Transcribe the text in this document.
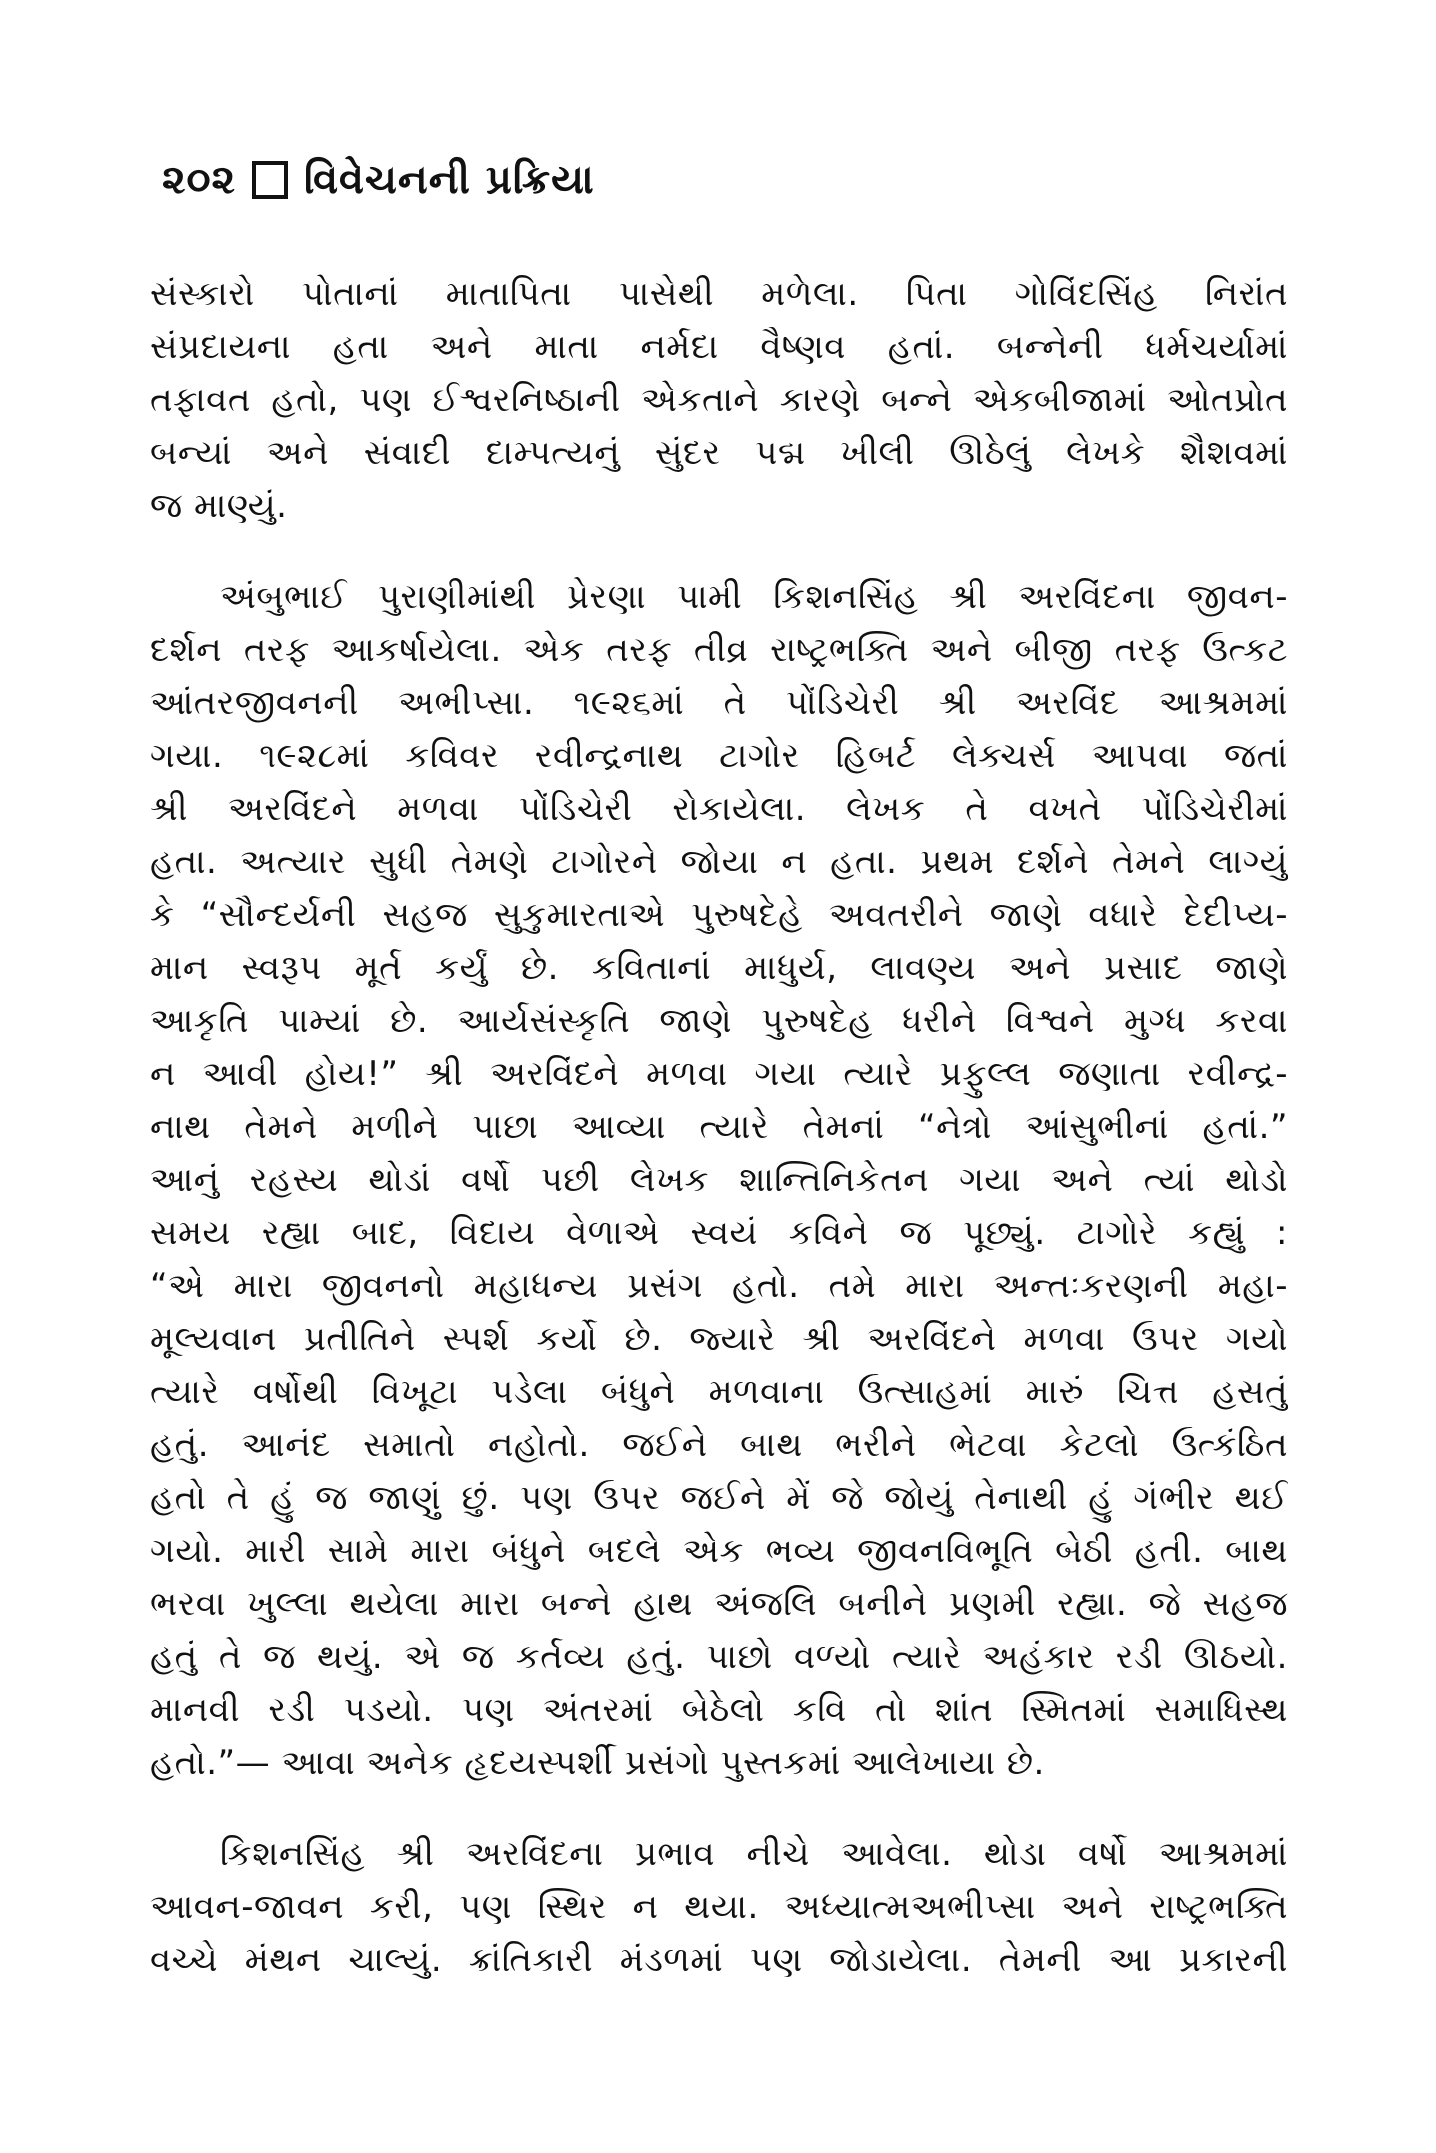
૨૦૨ વિવેચનની પ્રક્રિયા

સંસ્કારો પોતાનાં માતાપિતા પાસેથી મળેલા. પિતા ગોવિંદસિંહ નિરાંત
સંપ્રદાયના હતા અને માતા નર્મદા વૈષ્ણવ હતાં. બન્નેની ધર્મચર્યામાં
તફાવત હતો, પણ ઈશ્વરનિષ્ઠાની એકતાને કારણે બન્ને એકબીજામાં ઓતપ્રોત
બન્યાં અને સંવાદી દામ્પત્યનું સુંદર પદ્મ ખીલી ઊઠેલું લેખકે શૈશવમાં
જ માણ્યું.

અંબુભાઈ પુરાણીમાંથી પ્રેરણા પામી કિશનસિંહ શ્રી અરવિંદના જીવન-
દર્શન તરફ આકર્ષાયેલા. એક તરફ તીવ્ર રાષ્ટ્રભક્તિ અને બીજી તરફ ઉત્કટ
આંતરજીવનની અભીપ્સા. ૧૯૨૬માં તે પોંડિચેરી શ્રી અરવિંદ આશ્રમમાં
ગયા. ૧૯૨૮માં કવિવર રવીન્દ્રનાથ ટાગોર હિબર્ટ લેક્ચર્સ આપવા જતાં
શ્રી અરવિંદને મળવા પોંડિચેરી રોકાયેલા. લેખક તે વખતે પોંડિચેરીમાં
હતા. અત્યાર સુધી તેમણે ટાગોરને જોયા ન હતા. પ્રથમ દર્શને તેમને લાગ્યું
કે “સૌન્દર્યની સહજ સુકુમારતાએ પુરુષદેહે અવતરીને જાણે વધારે દેદીપ્ય-
માન સ્વરૂપ મૂર્ત કર્યું છે. કવિતાનાં માધુર્ય, લાવણ્ય અને પ્રસાદ જાણે
આકૃતિ પામ્યાં છે. આર્યસંસ્કૃતિ જાણે પુરુષદેહ ધરીને વિશ્વને મુગ્ધ કરવા
ન આવી હોય!” શ્રી અરવિંદને મળવા ગયા ત્યારે પ્રફુલ્લ જણાતા રવીન્દ્ર-
નાથ તેમને મળીને પાછા આવ્યા ત્યારે તેમનાં “નેત્રો આંસુભીનાં હતાં.”
આનું રહસ્ય થોડાં વર્ષો પછી લેખક શાન્તિનિકેતન ગયા અને ત્યાં થોડો
સમય રહ્યા બાદ, વિદાય વેળાએ સ્વયં કવિને જ પૂછ્યું. ટાગોરે કહ્યું :
“એ મારા જીવનનો મહાધન્ય પ્રસંગ હતો. તમે મારા અન્તઃકરણની મહા-
મૂલ્યવાન પ્રતીતિને સ્પર્શ કર્યો છે. જ્યારે શ્રી અરવિંદને મળવા ઉપર ગયો
ત્યારે વર્ષોથી વિખૂટા પડેલા બંધુને મળવાના ઉત્સાહમાં મારું ચિત્ત હસતું
હતું. આનંદ સમાતો નહોતો. જઈને બાથ ભરીને ભેટવા કેટલો ઉત્કંઠિત
હતો તે હું જ જાણું છું. પણ ઉપર જઈને મેં જે જોયું તેનાથી હું ગંભીર થઈ
ગયો. મારી સામે મારા બંધુને બદલે એક ભવ્ય જીવનવિભૂતિ બેઠી હતી. બાથ
ભરવા ખુલ્લા થયેલા મારા બન્ને હાથ અંજલિ બનીને પ્રણમી રહ્યા. જે સહજ
હતું તે જ થયું. એ જ કર્તવ્ય હતું. પાછો વળ્યો ત્યારે અહંકાર રડી ઊઠયો.
માનવી રડી પડયો. પણ અંતરમાં બેઠેલો કવિ તો શાંત સ્મિતમાં સમાધિસ્થ
હતો.”— આવા અનેક હૃદયસ્પર્શી પ્રસંગો પુસ્તકમાં આલેખાયા છે.

કિશનસિંહ શ્રી અરવિંદના પ્રભાવ નીચે આવેલા. થોડા વર્ષો આશ્રમમાં
આવન-જાવન કરી, પણ સ્થિર ન થયા. અધ્યાત્મઅભીપ્સા અને રાષ્ટ્રભક્તિ
વચ્ચે મંથન ચાલ્યું. ક્રાંતિકારી મંડળમાં પણ જોડાયેલા. તેમની આ પ્રકારની
